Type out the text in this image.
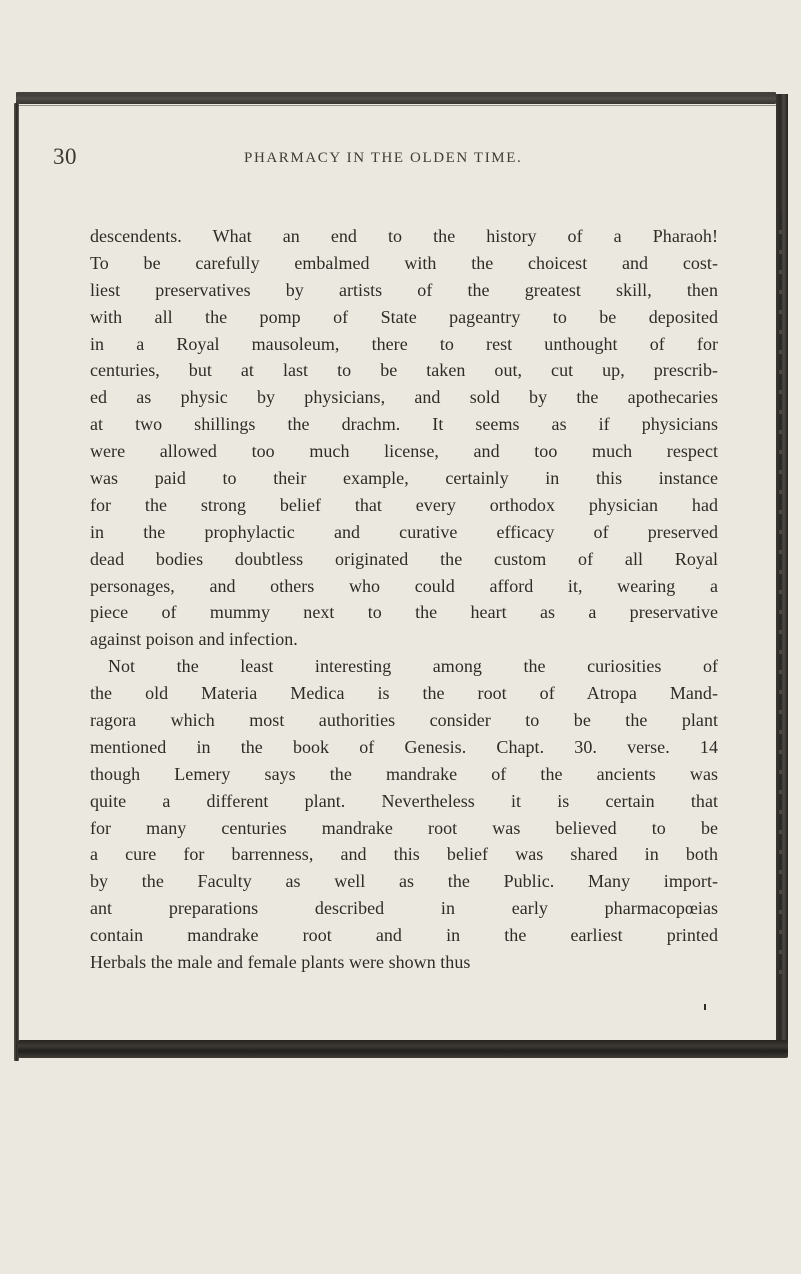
30	PHARMACY IN THE OLDEN TIME.
descendents. What an end to the history of a Pharaoh!
To be carefully embalmed with the choicest and cost-
liest preservatives by artists of the greatest skill, then
with all the pomp of State pageantry to be deposited
in a Royal mausoleum, there to rest unthought of for
centuries, but at last to be taken out, cut up, prescrib-
ed as physic by physicians, and sold by the apothecaries
at two shillings the drachm. It seems as if physicians
were allowed too much license, and too much respect
was paid to their example, certainly in this instance
for the strong belief that every orthodox physician had
in the prophylactic and curative efficacy of preserved
dead bodies doubtless originated the custom of all Royal
personages, and others who could afford it, wearing a
piece of mummy next to the heart as a preservative
against poison and infection.
Not the least interesting among the curiosities of
the old Materia Medica is the root of Atropa Mand-
ragora which most authorities consider to be the plant
mentioned in the book of Genesis. Chapt. 30. verse. 14
though Lemery says the mandrake of the ancients was
quite a different plant. Nevertheless it is certain that
for many centuries mandrake root was believed to be
a cure for barrenness, and this belief was shared in both
by the Faculty as well as the Public. Many import-
ant preparations described in early pharmacopœias
contain mandrake root and in the earliest printed
Herbals the male and female plants were shown thus
